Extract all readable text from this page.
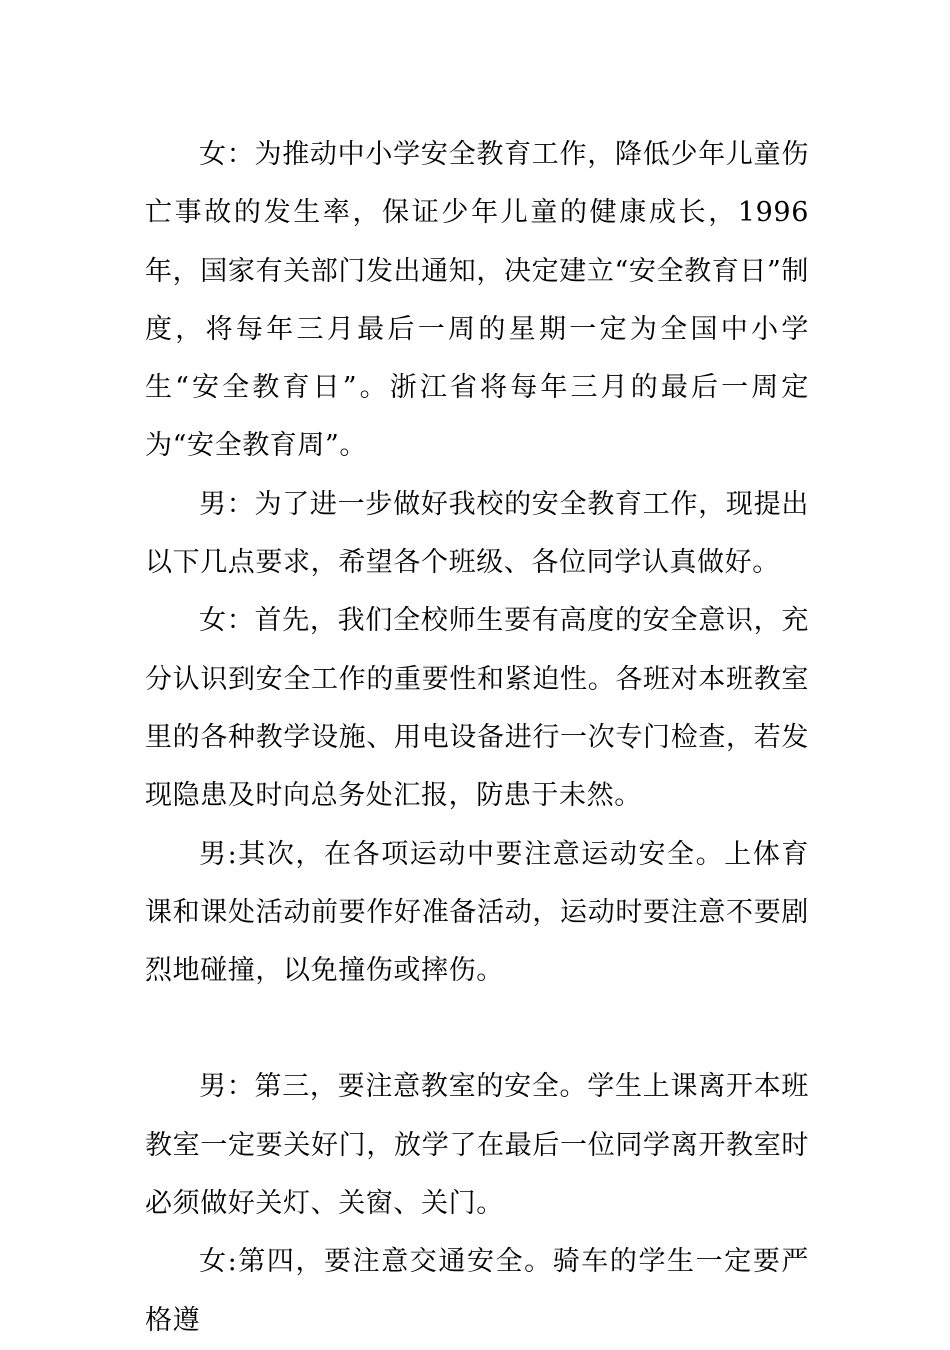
女：为推动中小学安全教育工作，降低少年儿童伤亡事故的发生率，保证少年儿童的健康成长，1996年，国家有关部门发出通知，决定建立“安全教育日”制度，将每年三月最后一周的星期一定为全国中小学生“安全教育日”。浙江省将每年三月的最后一周定为“安全教育周”。

男：为了进一步做好我校的安全教育工作，现提出以下几点要求，希望各个班级、各位同学认真做好。

女：首先，我们全校师生要有高度的安全意识，充分认识到安全工作的重要性和紧迫性。各班对本班教室里的各种教学设施、用电设备进行一次专门检查，若发现隐患及时向总务处汇报，防患于未然。

男:其次，在各项运动中要注意运动安全。上体育课和课处活动前要作好准备活动，运动时要注意不要剧烈地碰撞，以免撞伤或摔伤。

男：第三，要注意教室的安全。学生上课离开本班教室一定要关好门，放学了在最后一位同学离开教室时必须做好关灯、关窗、关门。

女:第四，要注意交通安全。骑车的学生一定要严格遵
